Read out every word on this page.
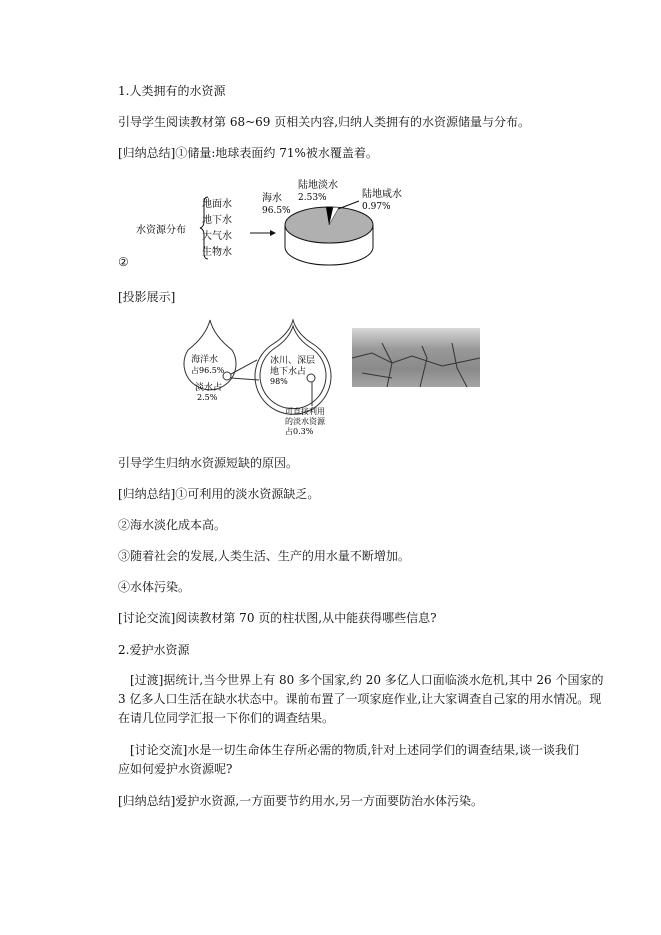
1.人类拥有的水资源
引导学生阅读教材第 68~69 页相关内容,归纳人类拥有的水资源储量与分布。
[归纳总结]①储量:地球表面约 71%被水覆盖着。
水资源分布
地面水
地下水
大气水
生物水
海水
96.5%
陆地淡水
2.53%	陆地咸水
0.97%
②
[投影展示]
海洋水
占96.5%
淡水占
2.5%
冰川、深层
地下水占
98%
可直接利用
的淡水资源
占0.3%
引导学生归纳水资源短缺的原因。
[归纳总结]①可利用的淡水资源缺乏。
②海水淡化成本高。
③随着社会的发展,人类生活、生产的用水量不断增加。
④水体污染。
[讨论交流]阅读教材第 70 页的柱状图,从中能获得哪些信息?
2.爱护水资源
[过渡]据统计,当今世界上有 80 多个国家,约 20 多亿人口面临淡水危机,其中 26 个国家的
3 亿多人口生活在缺水状态中。课前布置了一项家庭作业,让大家调查自己家的用水情况。现
在请几位同学汇报一下你们的调查结果。
[讨论交流]水是一切生命体生存所必需的物质,针对上述同学们的调查结果,谈一谈我们
应如何爱护水资源呢?
[归纳总结]爱护水资源,一方面要节约用水,另一方面要防治水体污染。
